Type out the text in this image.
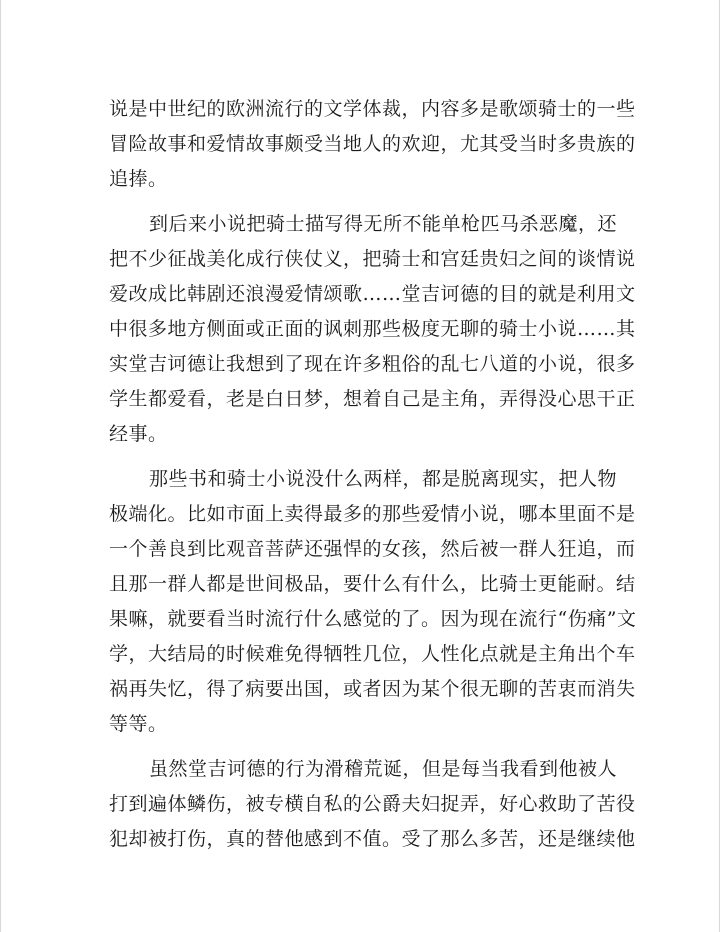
说是中世纪的欧洲流行的文学体裁，内容多是歌颂骑士的一些
冒险故事和爱情故事颇受当地人的欢迎，尤其受当时多贵族的
追捧。
到后来小说把骑士描写得无所不能单枪匹马杀恶魔，还
把不少征战美化成行侠仗义，把骑士和宫廷贵妇之间的谈情说
爱改成比韩剧还浪漫爱情颂歌……堂吉诃德的目的就是利用文
中很多地方侧面或正面的讽刺那些极度无聊的骑士小说……其
实堂吉诃德让我想到了现在许多粗俗的乱七八道的小说，很多
学生都爱看，老是白日梦，想着自己是主角，弄得没心思干正
经事。
那些书和骑士小说没什么两样，都是脱离现实，把人物
极端化。比如市面上卖得最多的那些爱情小说，哪本里面不是
一个善良到比观音菩萨还强悍的女孩，然后被一群人狂追，而
且那一群人都是世间极品，要什么有什么，比骑士更能耐。结
果嘛，就要看当时流行什么感觉的了。因为现在流行“伤痛”文
学，大结局的时候难免得牺牲几位，人性化点就是主角出个车
祸再失忆，得了病要出国，或者因为某个很无聊的苦衷而消失
等等。
虽然堂吉诃德的行为滑稽荒诞，但是每当我看到他被人
打到遍体鳞伤，被专横自私的公爵夫妇捉弄，好心救助了苦役
犯却被打伤，真的替他感到不值。受了那么多苦，还是继续他
